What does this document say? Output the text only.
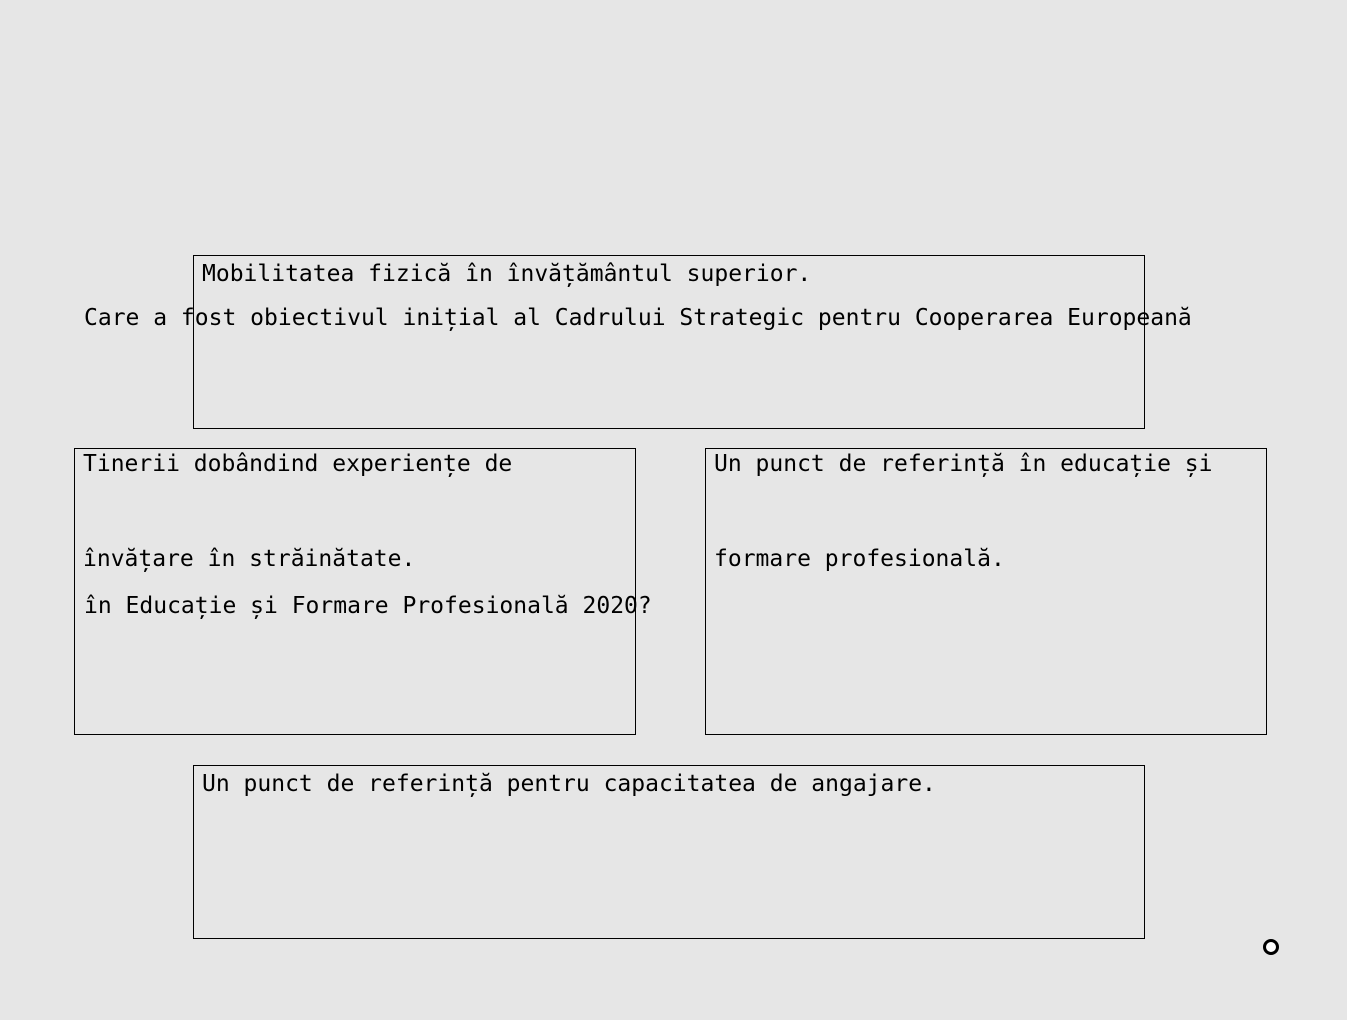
Care a fost obiectivul inițial al Cadrului Strategic pentru Cooperarea Europeană

în Educație și Formare Profesională 2020?

Mobilitatea fizică în învățământul superior.
Tinerii dobândind experiențe de
învățare în străinătate.
Un punct de referință în educație și
formare profesională.
Un punct de referință pentru capacitatea de angajare.
